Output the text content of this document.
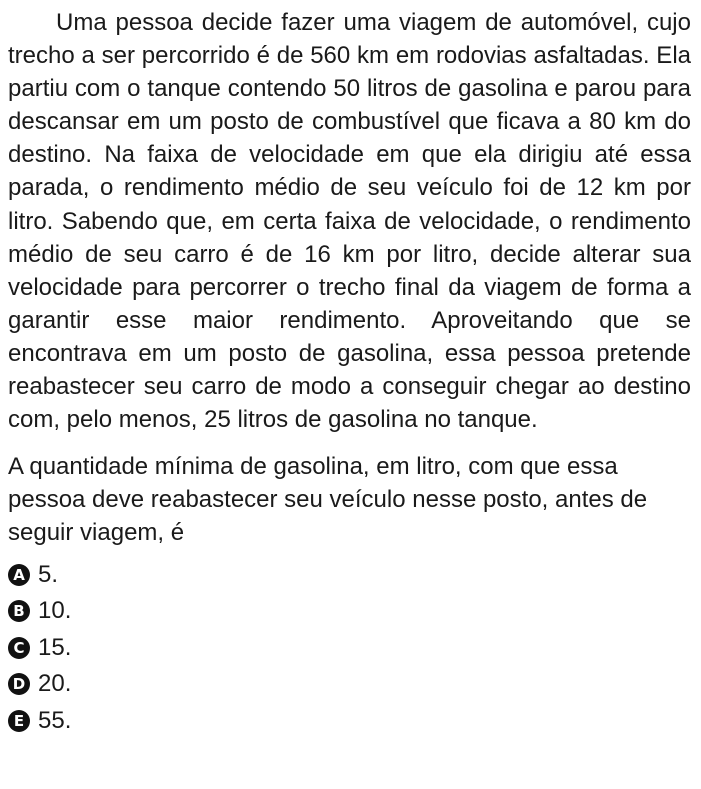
Uma pessoa decide fazer uma viagem de automóvel, cujo trecho a ser percorrido é de 560 km em rodovias asfaltadas. Ela partiu com o tanque contendo 50 litros de gasolina e parou para descansar em um posto de combustível que ficava a 80 km do destino. Na faixa de velocidade em que ela dirigiu até essa parada, o rendimento médio de seu veículo foi de 12 km por litro. Sabendo que, em certa faixa de velocidade, o rendimento médio de seu carro é de 16 km por litro, decide alterar sua velocidade para percorrer o trecho final da viagem de forma a garantir esse maior rendimento. Aproveitando que se encontrava em um posto de gasolina, essa pessoa pretende reabastecer seu carro de modo a conseguir chegar ao destino com, pelo menos, 25 litros de gasolina no tanque.

A quantidade mínima de gasolina, em litro, com que essa pessoa deve reabastecer seu veículo nesse posto, antes de seguir viagem, é

A 5.
B 10.
C 15.
D 20.
E 55.
